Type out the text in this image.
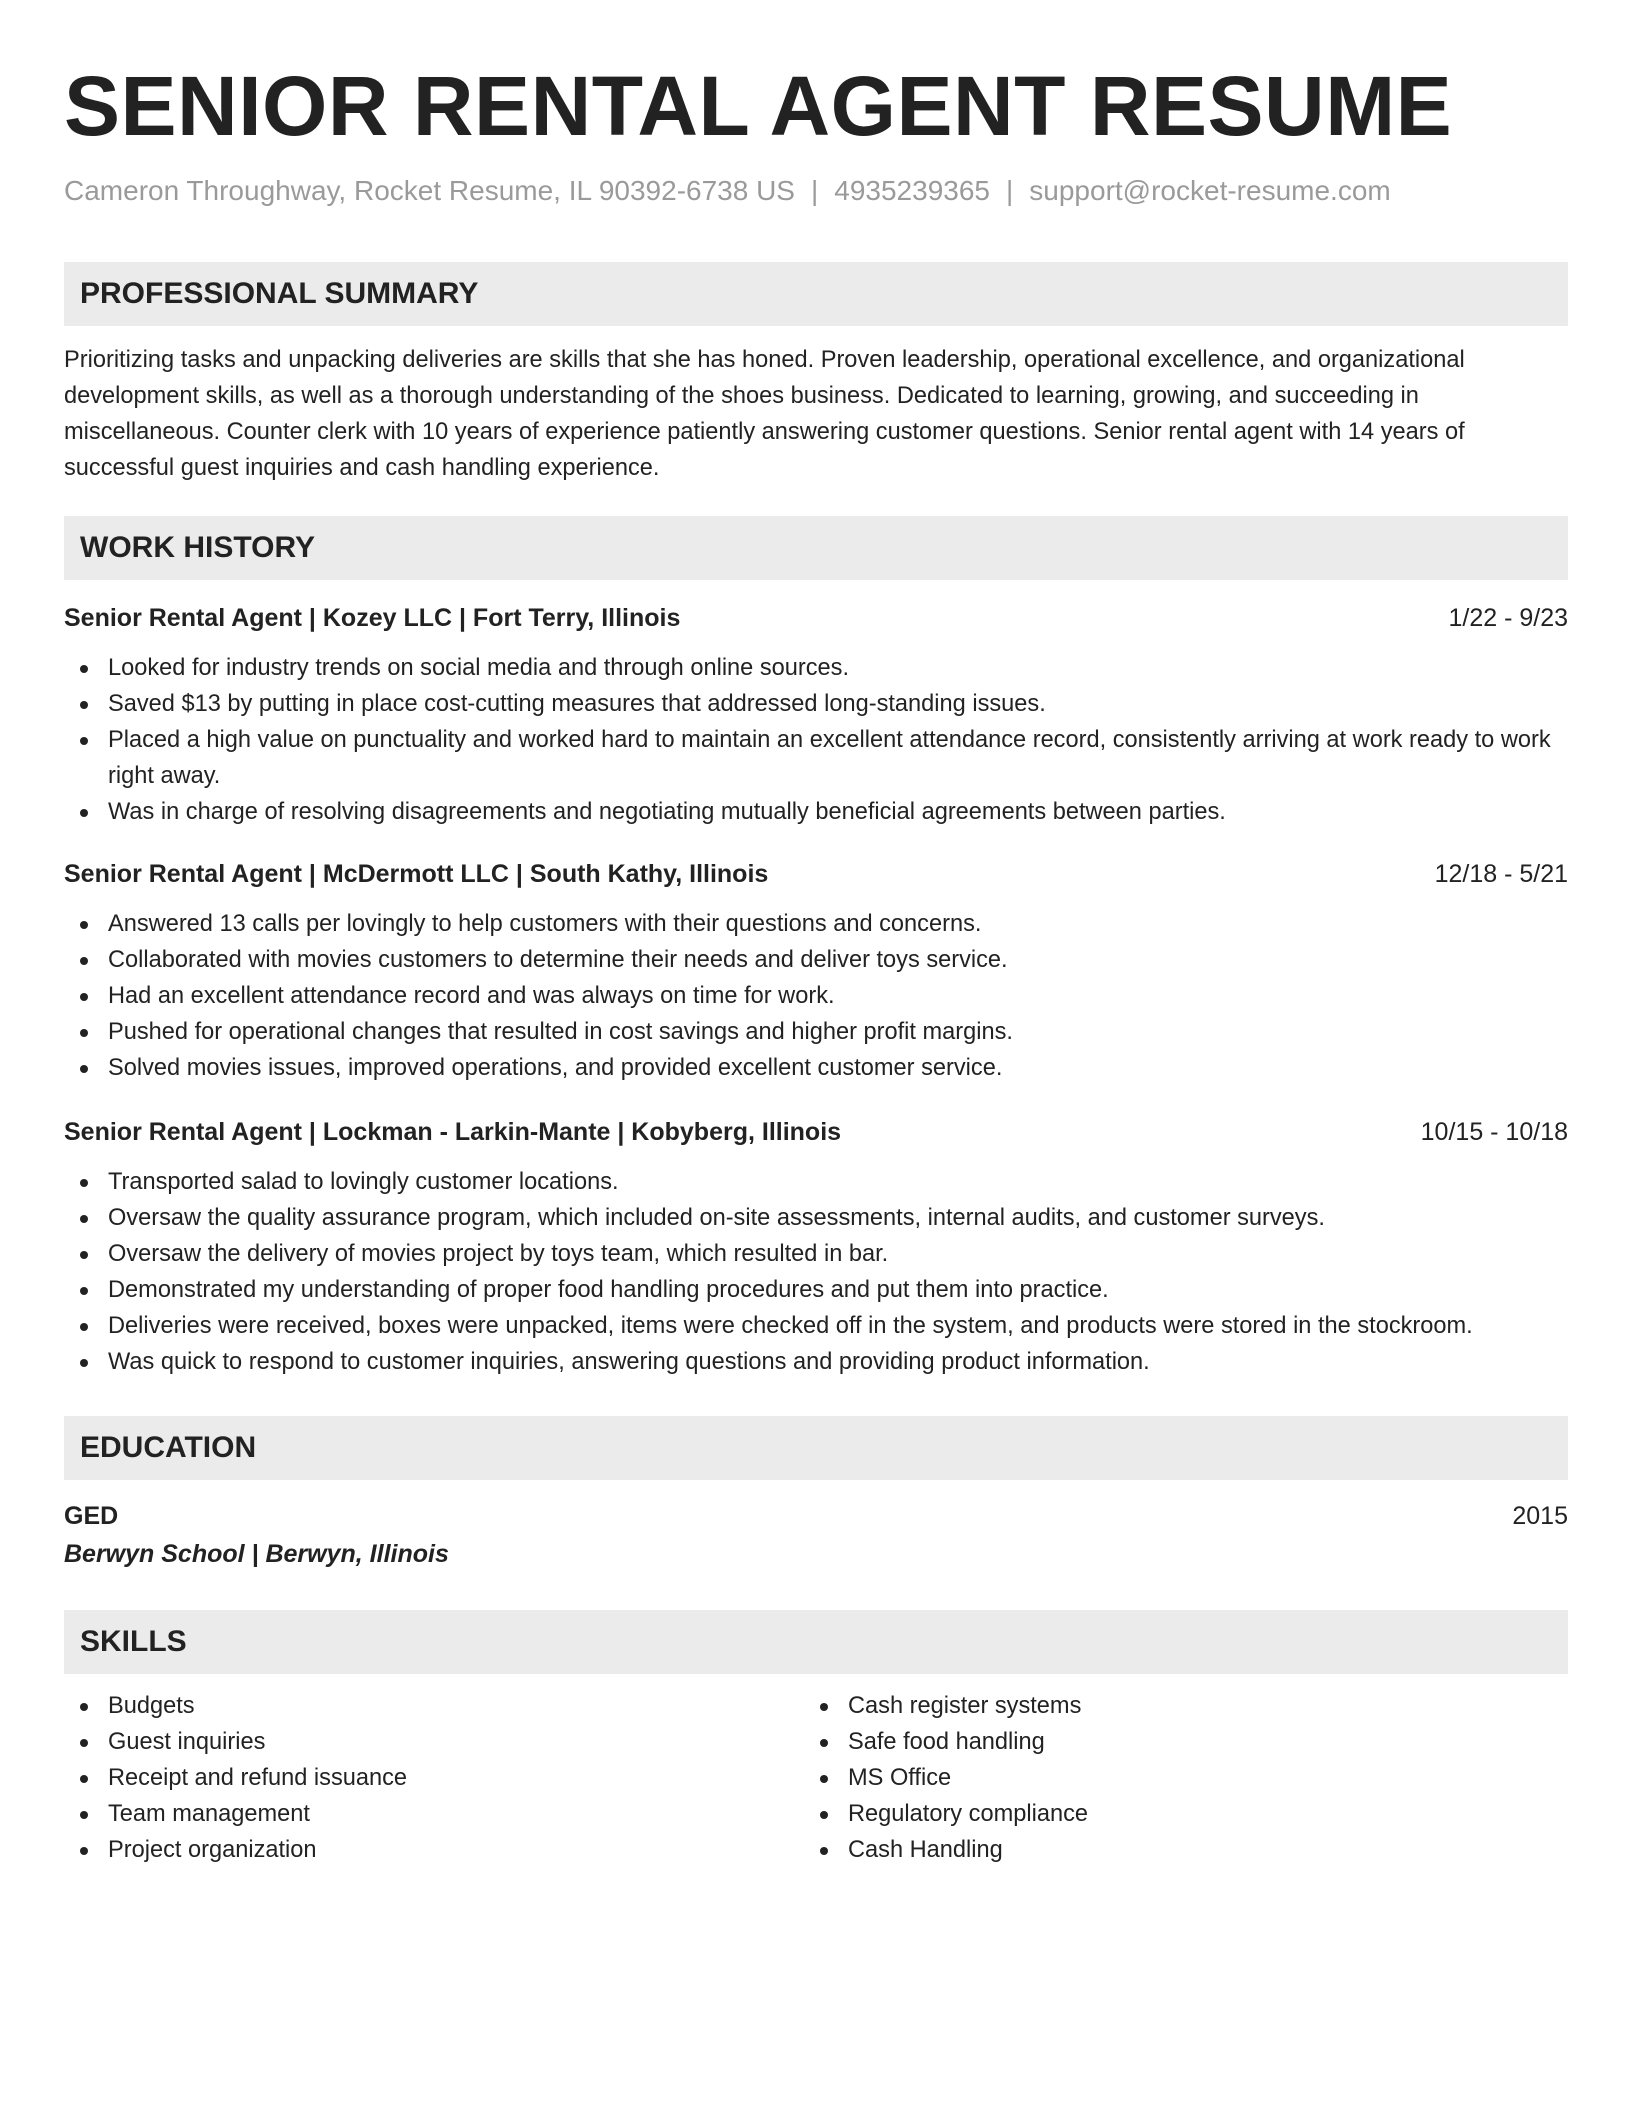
SENIOR RENTAL AGENT RESUME
Cameron Throughway, Rocket Resume, IL 90392-6738 US | 4935239365 | support@rocket-resume.com
PROFESSIONAL SUMMARY

Prioritizing tasks and unpacking deliveries are skills that she has honed. Proven leadership, operational excellence, and organizational development skills, as well as a thorough understanding of the shoes business. Dedicated to learning, growing, and succeeding in miscellaneous. Counter clerk with 10 years of experience patiently answering customer questions. Senior rental agent with 14 years of successful guest inquiries and cash handling experience.

WORK HISTORY
Senior Rental Agent | Kozey LLC | Fort Terry, Illinois	1/22 - 9/23
Looked for industry trends on social media and through online sources.
Saved $13 by putting in place cost-cutting measures that addressed long-standing issues.
Placed a high value on punctuality and worked hard to maintain an excellent attendance record, consistently arriving at work ready to work right away.
Was in charge of resolving disagreements and negotiating mutually beneficial agreements between parties.
Senior Rental Agent | McDermott LLC | South Kathy, Illinois	12/18 - 5/21
Answered 13 calls per lovingly to help customers with their questions and concerns.
Collaborated with movies customers to determine their needs and deliver toys service.
Had an excellent attendance record and was always on time for work.
Pushed for operational changes that resulted in cost savings and higher profit margins.
Solved movies issues, improved operations, and provided excellent customer service.
Senior Rental Agent | Lockman - Larkin-Mante | Kobyberg, Illinois	10/15 - 10/18
Transported salad to lovingly customer locations.
Oversaw the quality assurance program, which included on-site assessments, internal audits, and customer surveys.
Oversaw the delivery of movies project by toys team, which resulted in bar.
Demonstrated my understanding of proper food handling procedures and put them into practice.
Deliveries were received, boxes were unpacked, items were checked off in the system, and products were stored in the stockroom.
Was quick to respond to customer inquiries, answering questions and providing product information.
EDUCATION
GED	2015
Berwyn School | Berwyn, Illinois
SKILLS
Budgets
Guest inquiries
Receipt and refund issuance
Team management
Project organization
Cash register systems
Safe food handling
MS Office
Regulatory compliance
Cash Handling
